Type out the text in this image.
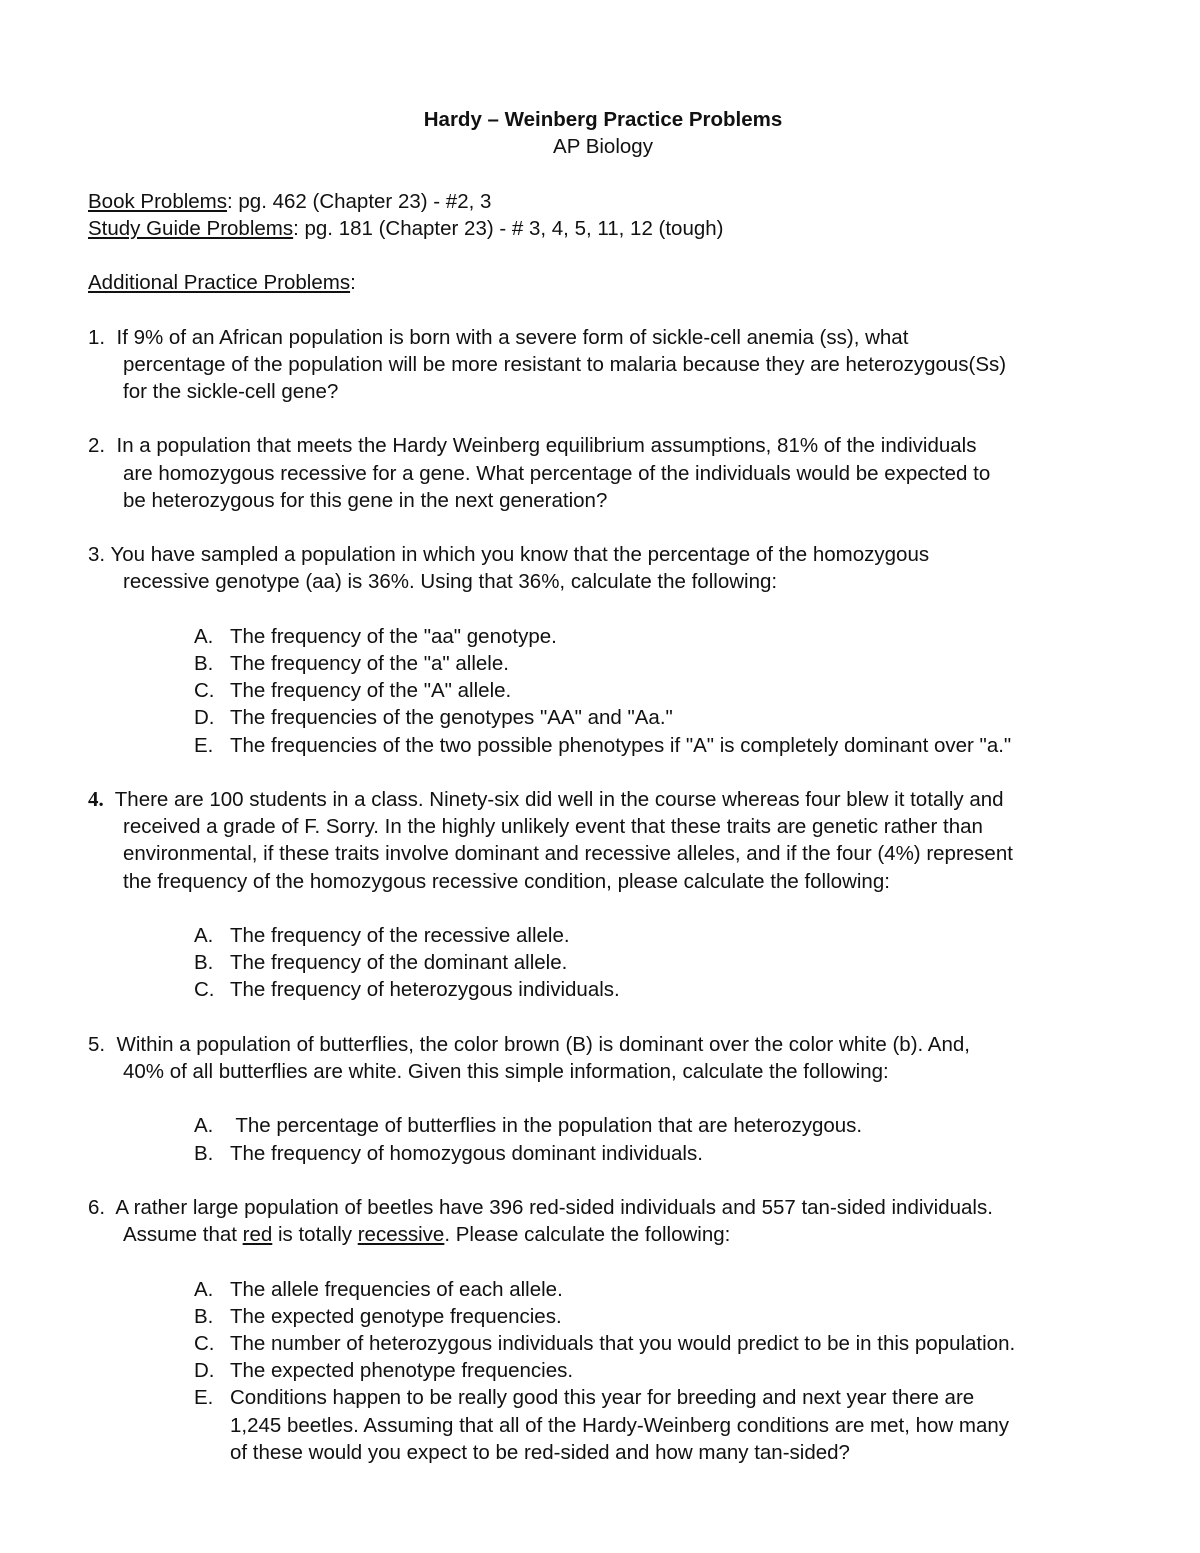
Hardy – Weinberg Practice Problems
AP Biology
Book Problems: pg. 462 (Chapter 23) - #2, 3
Study Guide Problems: pg. 181 (Chapter 23) - # 3, 4, 5, 11, 12 (tough)
Additional Practice Problems:
1. If 9% of an African population is born with a severe form of sickle-cell anemia (ss), what
percentage of the population will be more resistant to malaria because they are heterozygous(Ss)
for the sickle-cell gene?
2. In a population that meets the Hardy Weinberg equilibrium assumptions, 81% of the individuals
are homozygous recessive for a gene. What percentage of the individuals would be expected to
be heterozygous for this gene in the next generation?
3. You have sampled a population in which you know that the percentage of the homozygous
recessive genotype (aa) is 36%. Using that 36%, calculate the following:
A. The frequency of the "aa" genotype.
B. The frequency of the "a" allele.
C. The frequency of the "A" allele.
D. The frequencies of the genotypes "AA" and "Aa."
E. The frequencies of the two possible phenotypes if "A" is completely dominant over "a."
4. There are 100 students in a class. Ninety-six did well in the course whereas four blew it totally and
received a grade of F. Sorry. In the highly unlikely event that these traits are genetic rather than
environmental, if these traits involve dominant and recessive alleles, and if the four (4%) represent
the frequency of the homozygous recessive condition, please calculate the following:
A. The frequency of the recessive allele.
B. The frequency of the dominant allele.
C. The frequency of heterozygous individuals.
5. Within a population of butterflies, the color brown (B) is dominant over the color white (b). And,
40% of all butterflies are white. Given this simple information, calculate the following:
A. The percentage of butterflies in the population that are heterozygous.
B. The frequency of homozygous dominant individuals.
6. A rather large population of beetles have 396 red-sided individuals and 557 tan-sided individuals.
Assume that red is totally recessive. Please calculate the following:
A. The allele frequencies of each allele.
B. The expected genotype frequencies.
C. The number of heterozygous individuals that you would predict to be in this population.
D. The expected phenotype frequencies.
E. Conditions happen to be really good this year for breeding and next year there are
1,245 beetles. Assuming that all of the Hardy-Weinberg conditions are met, how many
of these would you expect to be red-sided and how many tan-sided?
